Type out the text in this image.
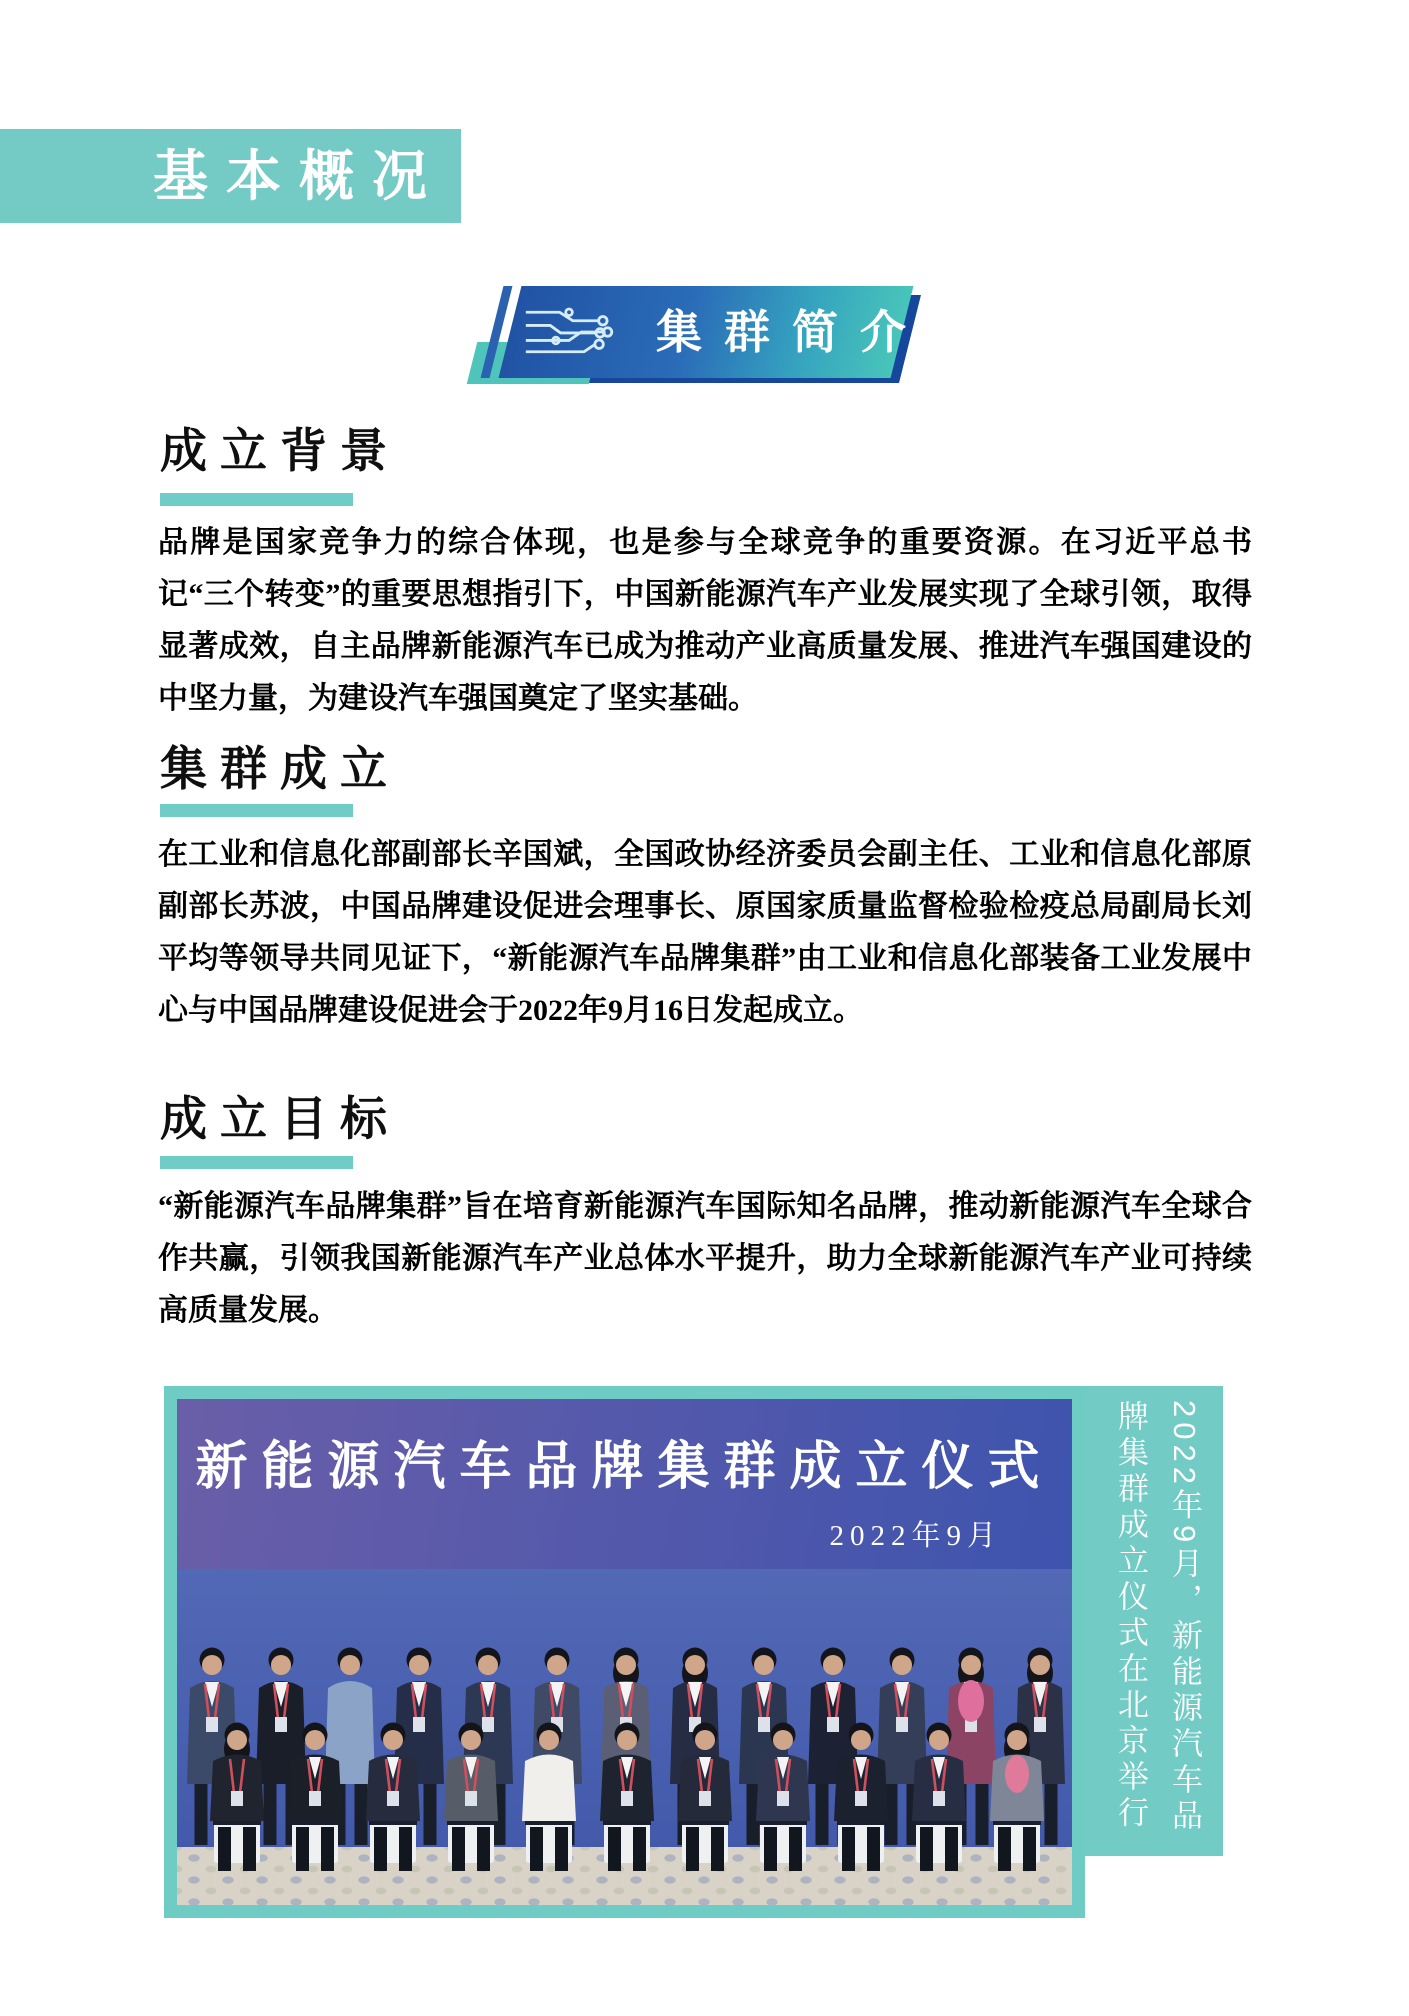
基本概况
集群简介
成立背景

品牌是国家竞争力的综合体现，也是参与全球竞争的重要资源。在习近平总书记“三个转变”的重要思想指引下，中国新能源汽车产业发展实现了全球引领，取得显著成效，自主品牌新能源汽车已成为推动产业高质量发展、推进汽车强国建设的中坚力量，为建设汽车强国奠定了坚实基础。

集群成立

在工业和信息化部副部长辛国斌，全国政协经济委员会副主任、工业和信息化部原副部长苏波，中国品牌建设促进会理事长、原国家质量监督检验检疫总局副局长刘平均等领导共同见证下，“新能源汽车品牌集群”由工业和信息化部装备工业发展中心与中国品牌建设促进会于2022年9月16日发起成立。

成立目标

“新能源汽车品牌集群”旨在培育新能源汽车国际知名品牌，推动新能源汽车全球合作共赢，引领我国新能源汽车产业总体水平提升，助力全球新能源汽车产业可持续高质量发展。

新能源汽车品牌集群成立仪式

2022年9月	2022年9月，新能源汽车品

牌集群成立仪式在北京举行
